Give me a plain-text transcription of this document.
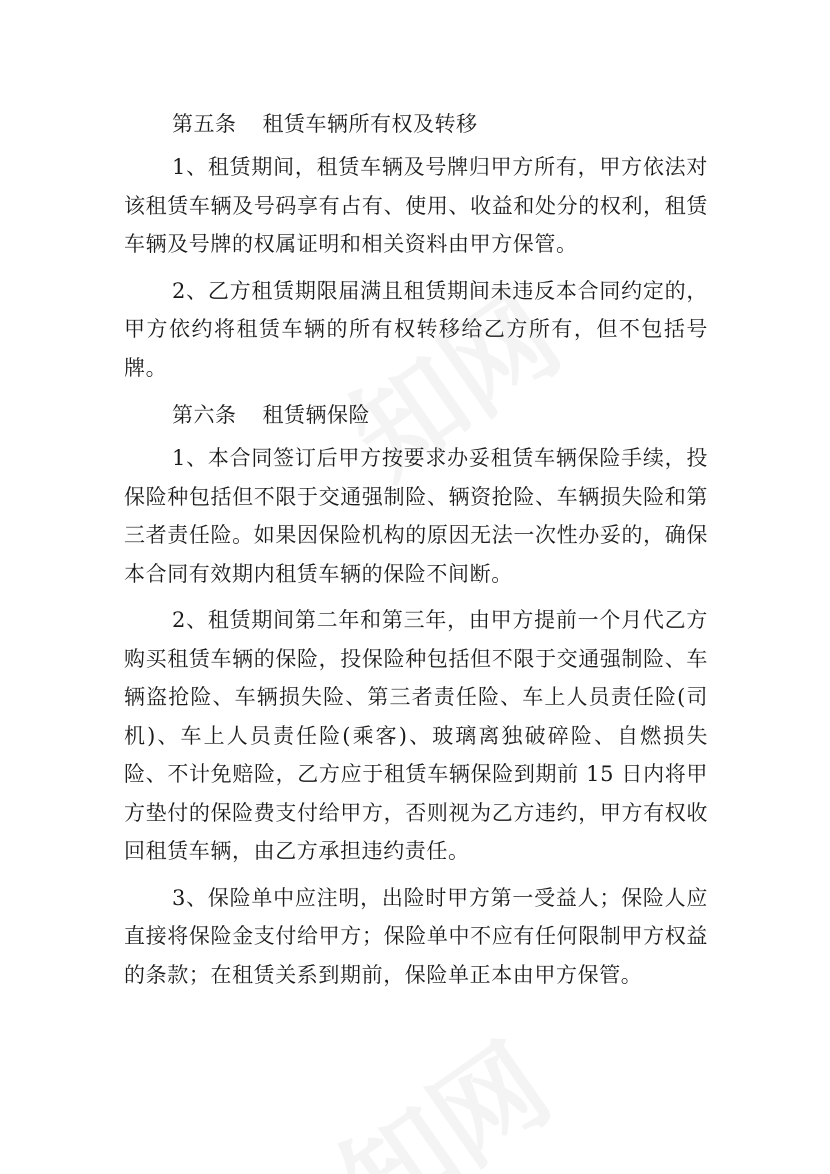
第五条 租赁车辆所有权及转移

1、租赁期间，租赁车辆及号牌归甲方所有，甲方依法对该租赁车辆及号码享有占有、使用、收益和处分的权利，租赁车辆及号牌的权属证明和相关资料由甲方保管。

2、乙方租赁期限届满且租赁期间未违反本合同约定的，甲方依约将租赁车辆的所有权转移给乙方所有，但不包括号牌。

第六条 租赁辆保险

1、本合同签订后甲方按要求办妥租赁车辆保险手续，投保险种包括但不限于交通强制险、辆资抢险、车辆损失险和第三者责任险。如果因保险机构的原因无法一次性办妥的，确保本合同有效期内租赁车辆的保险不间断。

2、租赁期间第二年和第三年，由甲方提前一个月代乙方购买租赁车辆的保险，投保险种包括但不限于交通强制险、车辆盗抢险、车辆损失险、第三者责任险、车上人员责任险(司机)、车上人员责任险(乘客)、玻璃离独破碎险、自燃损失险、不计免赔险，乙方应于租赁车辆保险到期前 15 日内将甲方垫付的保险费支付给甲方，否则视为乙方违约，甲方有权收回租赁车辆，由乙方承担违约责任。

3、保险单中应注明，出险时甲方第一受益人；保险人应直接将保险金支付给甲方；保险单中不应有任何限制甲方权益的条款；在租赁关系到期前，保险单正本由甲方保管。
